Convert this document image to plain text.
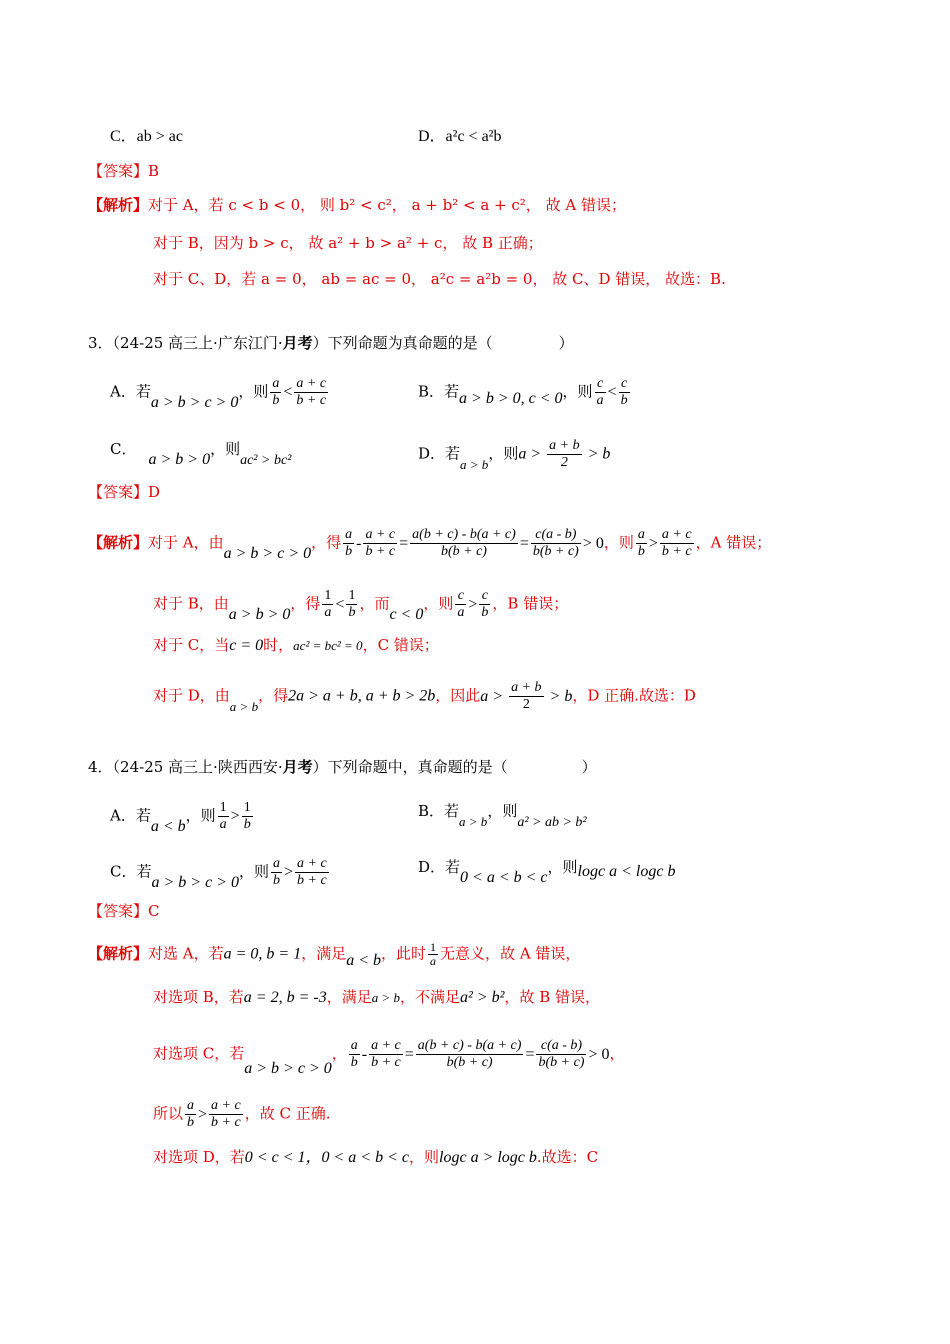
C．ab > ac	D．a²c < a²b
【答案】B
【解析】对于 A，若 c < b < 0， 则 b² < c²， a + b² < a + c²， 故 A 错误；
对于 B，因为 b > c， 故 a² + b > a² + c， 故 B 正确；
对于 C、D，若 a = 0， ab = ac = 0， a²c = a²b = 0， 故 C、D 错误， 故选：B.
3．（24-25 高三上·广东江门·月考）下列命题为真命题的是（	）
A．若a > b > c > 0，则 $\frac{a}{b} < \frac{a + c}{b + c}$	B．若a > b > 0, c < 0，则 $\frac{c}{a} < \frac{c}{b}$
C．a > b > 0，则ac² > bc²	D．若a > b，则$a > \frac{a + b}{2} > b$
【答案】D
【解析】对于 A，由a > b > c > 0，得 $\frac{a}{b} - \frac{a + c}{b + c} = \frac{a(b + c) - b(a + c)}{b(b + c)} = \frac{c(a - b)}{b(b + c)} > 0$，则 $\frac{a}{b} > \frac{a + c}{b + c}$ ，A 错误；
对于 B，由a > b > 0，得 $\frac{1}{a} < \frac{1}{b}$ ，而c < 0，则 $\frac{c}{a} > \frac{c}{b}$ ，B 错误；
对于 C，当c = 0时，ac² = bc² = 0，C 错误；
对于 D，由a > b，得2a > a + b, a + b > 2b，因此$a > \frac{a + b}{2} > b$，D 正确.故选：D
4．（24-25 高三上·陕西西安·月考）下列命题中，真命题的是（	）
A．若a < b，则 $\frac{1}{a} > \frac{1}{b}$	B．若a > b，则a² > ab > b²
C．若a > b > c > 0，则 $\frac{a}{b} > \frac{a + c}{b + c}$	D．若0 < a < b < c，则logc a < logc b
【答案】C
【解析】对选 A，若a = 0, b = 1，满足a < b，此时 $\frac{1}{a}$ 无意义，故 A 错误，
对选项 B，若a = 2, b = -3，满足a > b，不满足a² > b²，故 B 错误，
对选项 C，若a > b > c > 0， $\frac{a}{b} - \frac{a + c}{b + c} = \frac{a(b + c) - b(a + c)}{b(b + c)} = \frac{c(a - b)}{b(b + c)} > 0$，
所以 $\frac{a}{b} > \frac{a + c}{b + c}$ ，故 C 正确.
对选项 D，若0 < c < 1，0 < a < b < c，则logc a > logc b.故选：C
